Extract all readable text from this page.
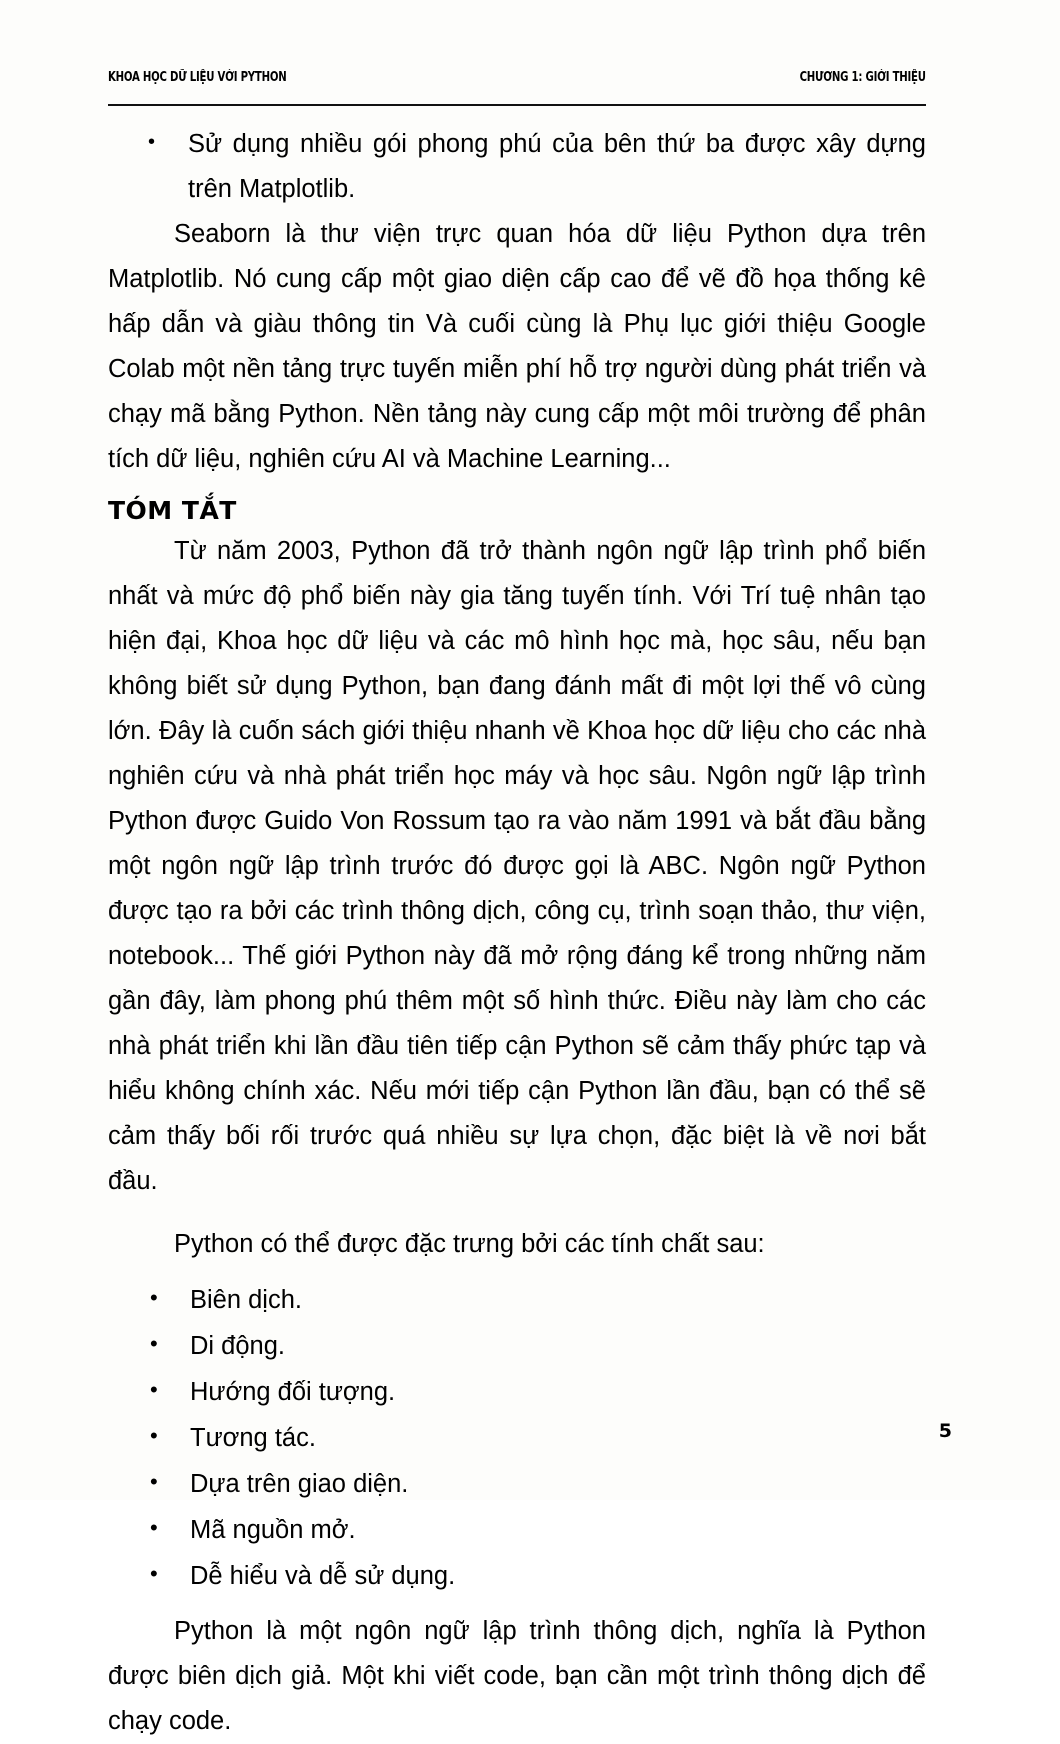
KHOA HỌC DỮ LIỆU VỚI PYTHON	CHƯƠNG 1: GIỚI THIỆU
• Sử dụng nhiều gói phong phú của bên thứ ba được xây dựng trên Matplotlib.

Seaborn là thư viện trực quan hóa dữ liệu Python dựa trên Matplotlib. Nó cung cấp một giao diện cấp cao để vẽ đồ họa thống kê hấp dẫn và giàu thông tin Và cuối cùng là Phụ lục giới thiệu Google Colab một nền tảng trực tuyến miễn phí hỗ trợ người dùng phát triển và chạy mã bằng Python. Nền tảng này cung cấp một môi trường để phân tích dữ liệu, nghiên cứu AI và Machine Learning...

TÓM TẮT

Từ năm 2003, Python đã trở thành ngôn ngữ lập trình phổ biến nhất và mức độ phổ biến này gia tăng tuyến tính. Với Trí tuệ nhân tạo hiện đại, Khoa học dữ liệu và các mô hình học mà, học sâu, nếu bạn không biết sử dụng Python, bạn đang đánh mất đi một lợi thế vô cùng lớn. Đây là cuốn sách giới thiệu nhanh về Khoa học dữ liệu cho các nhà nghiên cứu và nhà phát triển học máy và học sâu. Ngôn ngữ lập trình Python được Guido Von Rossum tạo ra vào năm 1991 và bắt đầu bằng một ngôn ngữ lập trình trước đó được gọi là ABC. Ngôn ngữ Python được tạo ra bởi các trình thông dịch, công cụ, trình soạn thảo, thư viện, notebook... Thế giới Python này đã mở rộng đáng kể trong những năm gần đây, làm phong phú thêm một số hình thức. Điều này làm cho các nhà phát triển khi lần đầu tiên tiếp cận Python sẽ cảm thấy phức tạp và hiểu không chính xác. Nếu mới tiếp cận Python lần đầu, bạn có thể sẽ cảm thấy bối rối trước quá nhiều sự lựa chọn, đặc biệt là về nơi bắt đầu.

Python có thể được đặc trưng bởi các tính chất sau:

• Biên dịch.
• Di động.
• Hướng đối tượng.
• Tương tác.
• Dựa trên giao diện.
• Mã nguồn mở.
• Dễ hiểu và dễ sử dụng.

Python là một ngôn ngữ lập trình thông dịch, nghĩa là Python được biên dịch giả. Một khi viết code, bạn cần một trình thông dịch để chạy code.

5
